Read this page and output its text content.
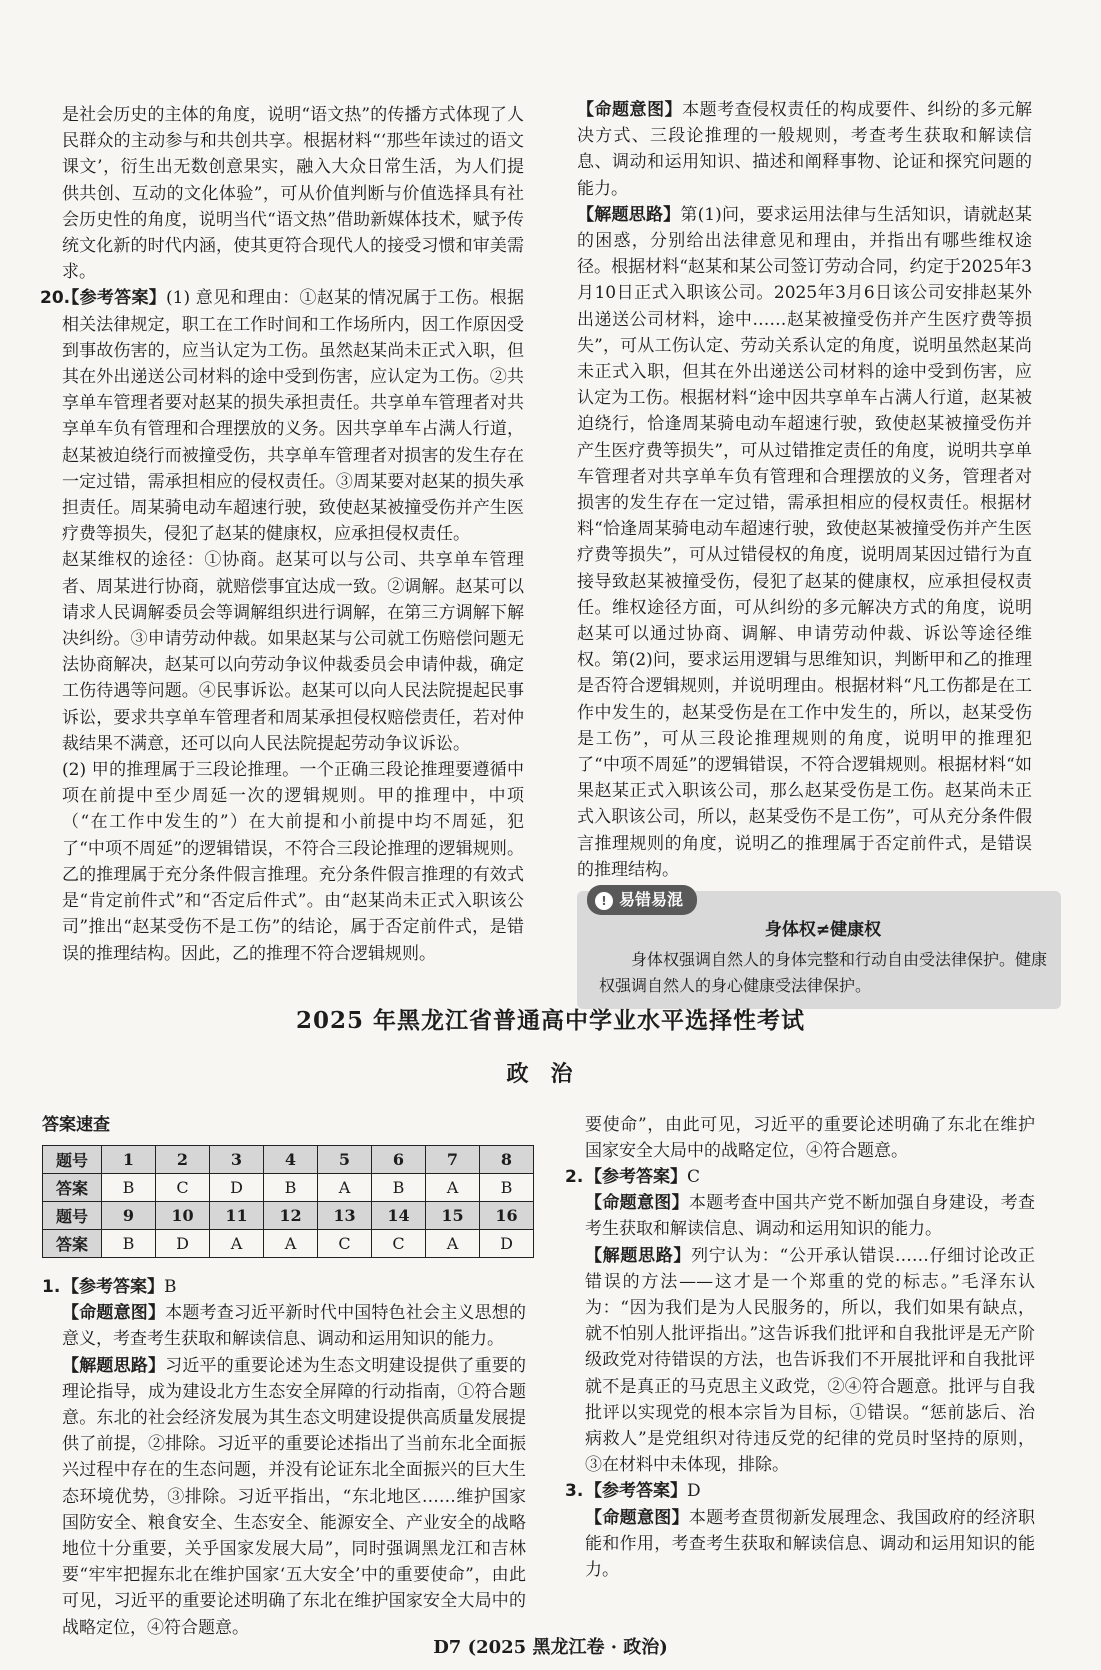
是社会历史的主体的角度，说明“语文热”的传播方式体现了人民群众的主动参与和共创共享。根据材料“‘那些年读过的语文课文’，衍生出无数创意果实，融入大众日常生活，为人们提供共创、互动的文化体验”，可从价值判断与价值选择具有社会历史性的角度，说明当代“语文热”借助新媒体技术，赋予传统文化新的时代内涵，使其更符合现代人的接受习惯和审美需求。

20.【参考答案】(1) 意见和理由：①赵某的情况属于工伤。根据相关法律规定，职工在工作时间和工作场所内，因工作原因受到事故伤害的，应当认定为工伤。虽然赵某尚未正式入职，但其在外出递送公司材料的途中受到伤害，应认定为工伤。②共享单车管理者要对赵某的损失承担责任。共享单车管理者对共享单车负有管理和合理摆放的义务。因共享单车占满人行道，赵某被迫绕行而被撞受伤，共享单车管理者对损害的发生存在一定过错，需承担相应的侵权责任。③周某要对赵某的损失承担责任。周某骑电动车超速行驶，致使赵某被撞受伤并产生医疗费等损失，侵犯了赵某的健康权，应承担侵权责任。

赵某维权的途径：①协商。赵某可以与公司、共享单车管理者、周某进行协商，就赔偿事宜达成一致。②调解。赵某可以请求人民调解委员会等调解组织进行调解，在第三方调解下解决纠纷。③申请劳动仲裁。如果赵某与公司就工伤赔偿问题无法协商解决，赵某可以向劳动争议仲裁委员会申请仲裁，确定工伤待遇等问题。④民事诉讼。赵某可以向人民法院提起民事诉讼，要求共享单车管理者和周某承担侵权赔偿责任，若对仲裁结果不满意，还可以向人民法院提起劳动争议诉讼。

(2) 甲的推理属于三段论推理。一个正确三段论推理要遵循中项在前提中至少周延一次的逻辑规则。甲的推理中，中项（“在工作中发生的”）在大前提和小前提中均不周延，犯了“中项不周延”的逻辑错误，不符合三段论推理的逻辑规则。乙的推理属于充分条件假言推理。充分条件假言推理的有效式是“肯定前件式”和“否定后件式”。由“赵某尚未正式入职该公司”推出“赵某受伤不是工伤”的结论，属于否定前件式，是错误的推理结构。因此，乙的推理不符合逻辑规则。

【命题意图】本题考查侵权责任的构成要件、纠纷的多元解决方式、三段论推理的一般规则，考查考生获取和解读信息、调动和运用知识、描述和阐释事物、论证和探究问题的能力。

【解题思路】第(1)问，要求运用法律与生活知识，请就赵某的困惑，分别给出法律意见和理由，并指出有哪些维权途径。根据材料“赵某和某公司签订劳动合同，约定于2025年3月10日正式入职该公司。2025年3月6日该公司安排赵某外出递送公司材料，途中……赵某被撞受伤并产生医疗费等损失”，可从工伤认定、劳动关系认定的角度，说明虽然赵某尚未正式入职，但其在外出递送公司材料的途中受到伤害，应认定为工伤。根据材料“途中因共享单车占满人行道，赵某被迫绕行，恰逢周某骑电动车超速行驶，致使赵某被撞受伤并产生医疗费等损失”，可从过错推定责任的角度，说明共享单车管理者对共享单车负有管理和合理摆放的义务，管理者对损害的发生存在一定过错，需承担相应的侵权责任。根据材料“恰逢周某骑电动车超速行驶，致使赵某被撞受伤并产生医疗费等损失”，可从过错侵权的角度，说明周某因过错行为直接导致赵某被撞受伤，侵犯了赵某的健康权，应承担侵权责任。维权途径方面，可从纠纷的多元解决方式的角度，说明赵某可以通过协商、调解、申请劳动仲裁、诉讼等途径维权。第(2)问，要求运用逻辑与思维知识，判断甲和乙的推理是否符合逻辑规则，并说明理由。根据材料“凡工伤都是在工作中发生的，赵某受伤是在工作中发生的，所以，赵某受伤是工伤”，可从三段论推理规则的角度，说明甲的推理犯了“中项不周延”的逻辑错误，不符合逻辑规则。根据材料“如果赵某正式入职该公司，那么赵某受伤是工伤。赵某尚未正式入职该公司，所以，赵某受伤不是工伤”，可从充分条件假言推理规则的角度，说明乙的推理属于否定前件式，是错误的推理结构。

! 易错易混
身体权≠健康权
身体权强调自然人的身体完整和行动自由受法律保护。健康权强调自然人的身心健康受法律保护。
2025 年黑龙江省普通高中学业水平选择性考试
政治
答案速查
题号	1	2	3	4	5	6	7	8
答案	B	C	D	B	A	B	A	B
题号	9	10	11	12	13	14	15	16
答案	B	D	A	A	C	C	A	D

1. 【参考答案】B

【命题意图】本题考查习近平新时代中国特色社会主义思想的意义，考查考生获取和解读信息、调动和运用知识的能力。

【解题思路】习近平的重要论述为生态文明建设提供了重要的理论指导，成为建设北方生态安全屏障的行动指南，①符合题意。东北的社会经济发展为其生态文明建设提供高质量发展提供了前提，②排除。习近平的重要论述指出了当前东北全面振兴过程中存在的生态问题，并没有论证东北全面振兴的巨大生态环境优势，③排除。习近平指出，“东北地区……维护国家国防安全、粮食安全、生态安全、能源安全、产业安全的战略地位十分重要，关乎国家发展大局”，同时强调黑龙江和吉林要“牢牢把握东北在维护国家‘五大安全’中的重要使命”，由此可见，习近平的重要论述明确了东北在维护国家安全大局中的战略定位，④符合题意。

要使命”，由此可见，习近平的重要论述明确了东北在维护国家安全大局中的战略定位，④符合题意。

2. 【参考答案】C

【命题意图】本题考查中国共产党不断加强自身建设，考查考生获取和解读信息、调动和运用知识的能力。

【解题思路】列宁认为：“公开承认错误……仔细讨论改正错误的方法——这才是一个郑重的党的标志。”毛泽东认为：“因为我们是为人民服务的，所以，我们如果有缺点，就不怕别人批评指出。”这告诉我们批评和自我批评是无产阶级政党对待错误的方法，也告诉我们不开展批评和自我批评就不是真正的马克思主义政党，②④符合题意。批评与自我批评以实现党的根本宗旨为目标，①错误。“惩前毖后、治病救人”是党组织对待违反党的纪律的党员时坚持的原则，③在材料中未体现，排除。

3. 【参考答案】D

【命题意图】本题考查贯彻新发展理念、我国政府的经济职能和作用，考查考生获取和解读信息、调动和运用知识的能力。

D7 (2025 黑龙江卷 · 政治)
